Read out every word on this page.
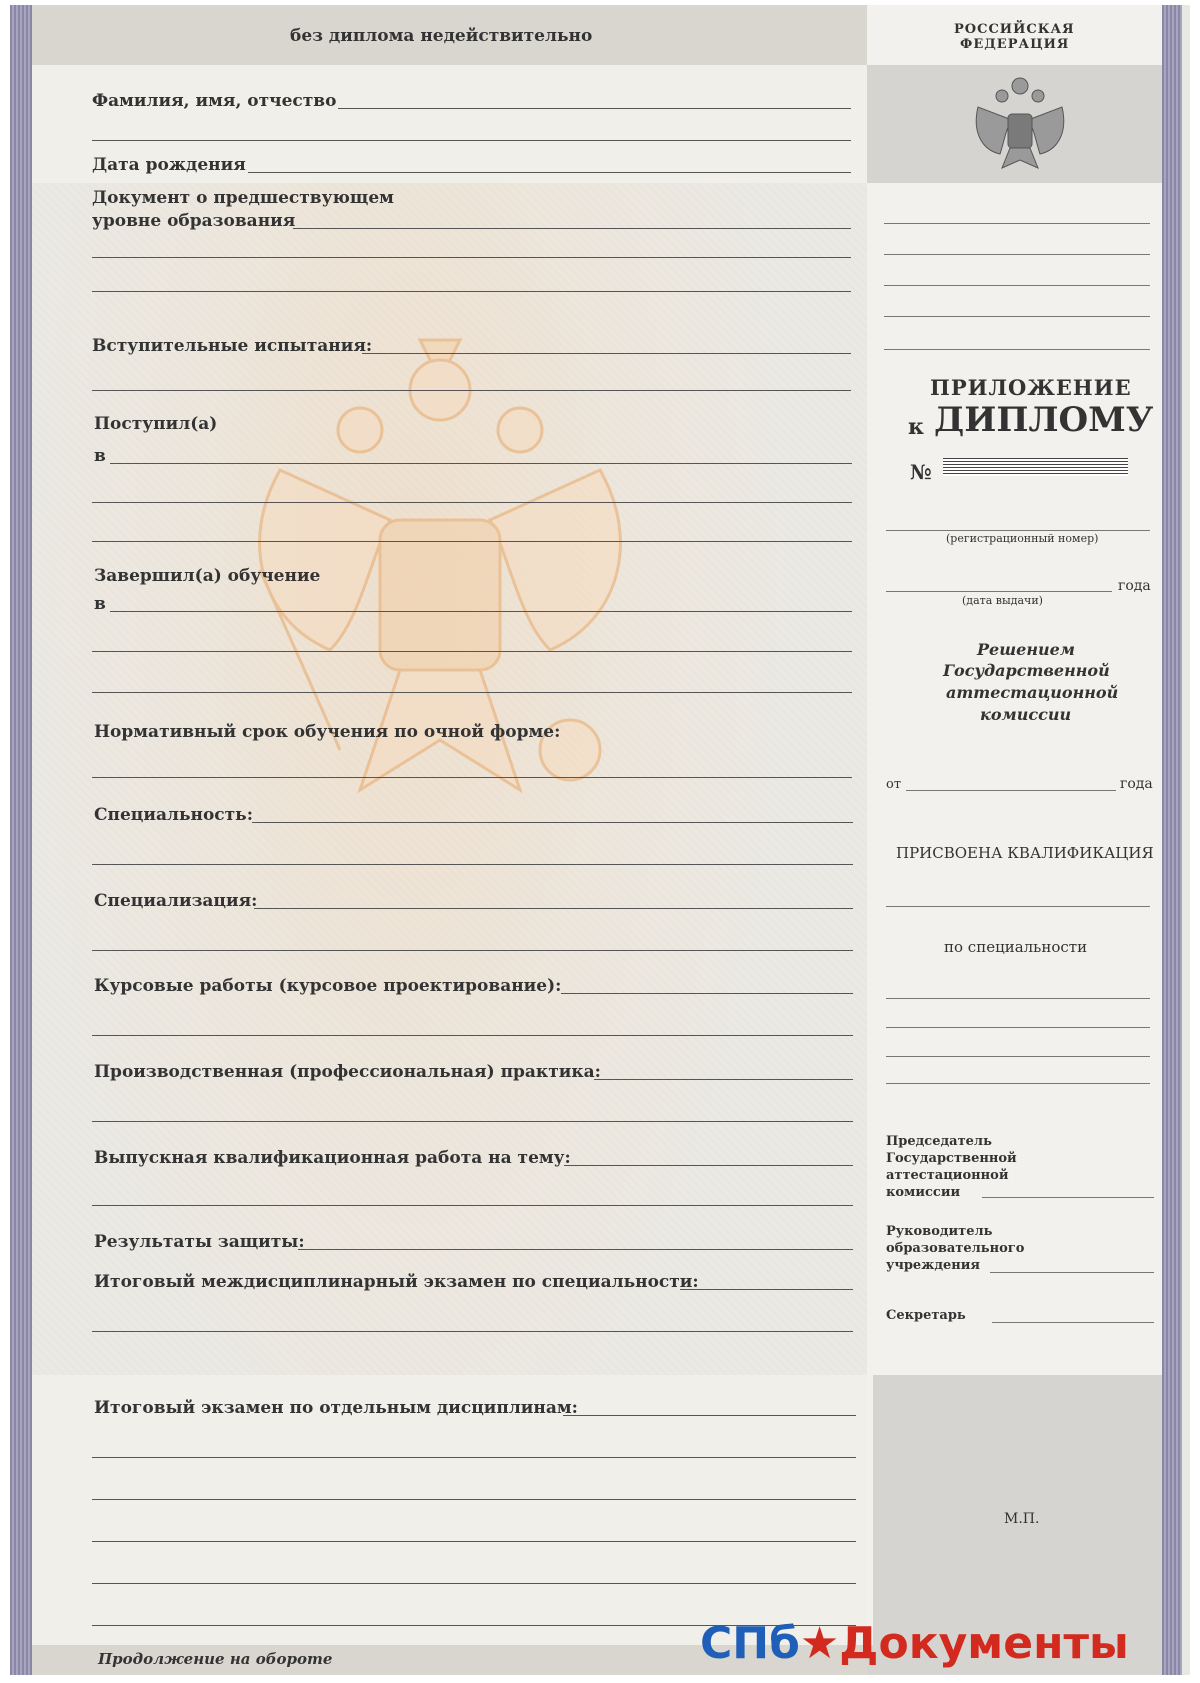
без диплома недействительно	РОССИЙСКАЯ
ФЕДЕРАЦИЯ
Фамилия, имя, отчество
Дата рождения
Документ о предшествующем
уровне образования
Вступительные испытания:
Поступил(а)
в
Завершил(а) обучение
в
Нормативный срок обучения по очной форме:
Специальность:
Специализация:
Курсовые работы (курсовое проектирование):
Производственная (профессиональная) практика:
Выпускная квалификационная работа на тему:
Результаты защиты:
Итоговый междисциплинарный экзамен по специальности:
Итоговый экзамен по отдельным дисциплинам:
Продолжение на обороте
ПРИЛОЖЕНИЕ
к ДИПЛОМУ
№
(регистрационный номер)
года
(дата выдачи)
Решением
Государственной
аттестационной
комиссии
от	года
ПРИСВОЕНА КВАЛИФИКАЦИЯ
по специальности
Председатель
Государственной
аттестационной
комиссии
Руководитель
образовательного
учреждения
Секретарь
М.П.
СПб★Документы
